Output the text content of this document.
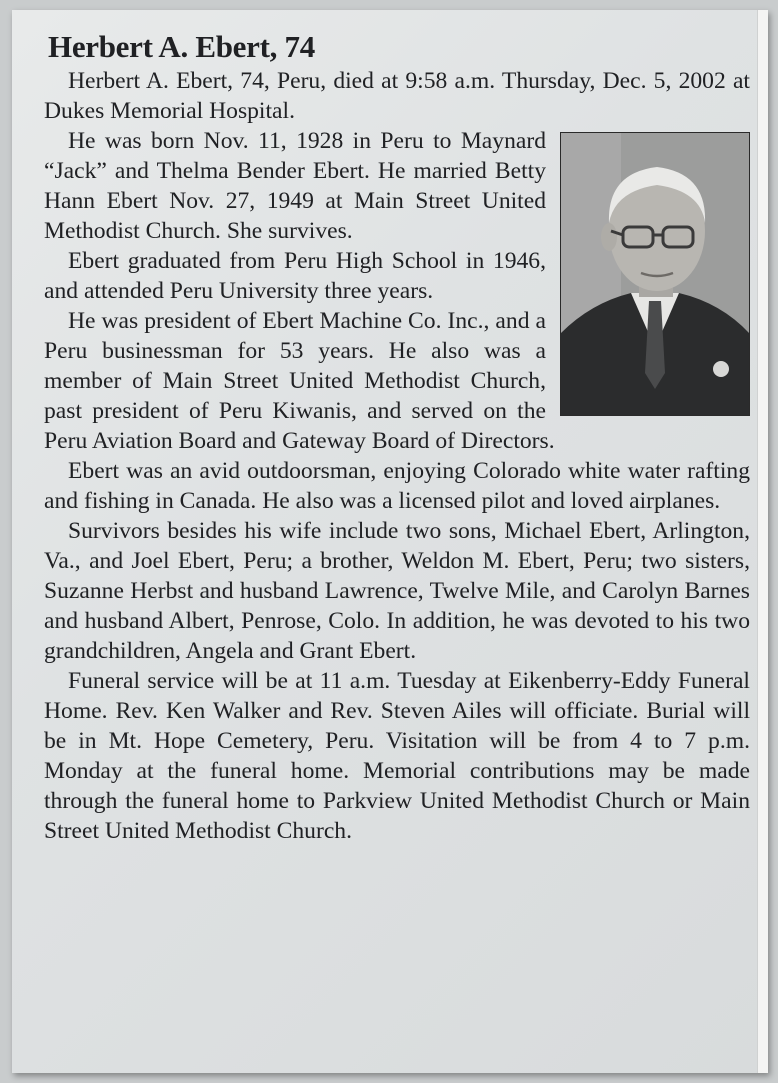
Herbert A. Ebert, 74

Herbert A. Ebert, 74, Peru, died at 9:58 a.m. Thursday, Dec. 5, 2002 at Dukes Memorial Hospital.

He was born Nov. 11, 1928 in Peru to Maynard “Jack” and Thelma Bender Ebert. He married Betty Hann Ebert Nov. 27, 1949 at Main Street United Methodist Church. She survives.

Ebert graduated from Peru High School in 1946, and attended Peru University three years.

He was president of Ebert Machine Co. Inc., and a Peru businessman for 53 years. He also was a member of Main Street United Methodist Church, past president of Peru Kiwanis, and served on the Peru Aviation Board and Gateway Board of Directors.

Ebert was an avid outdoorsman, enjoying Colorado white water rafting and fishing in Canada. He also was a licensed pilot and loved airplanes.

Survivors besides his wife include two sons, Michael Ebert, Arlington, Va., and Joel Ebert, Peru; a brother, Weldon M. Ebert, Peru; two sisters, Suzanne Herbst and husband Lawrence, Twelve Mile, and Carolyn Barnes and husband Albert, Penrose, Colo. In addition, he was devoted to his two grandchildren, Angela and Grant Ebert.

Funeral service will be at 11 a.m. Tuesday at Eikenberry-Eddy Funeral Home. Rev. Ken Walker and Rev. Steven Ailes will officiate. Burial will be in Mt. Hope Cemetery, Peru. Visitation will be from 4 to 7 p.m. Monday at the funeral home. Memorial contributions may be made through the funeral home to Parkview United Methodist Church or Main Street United Methodist Church.
